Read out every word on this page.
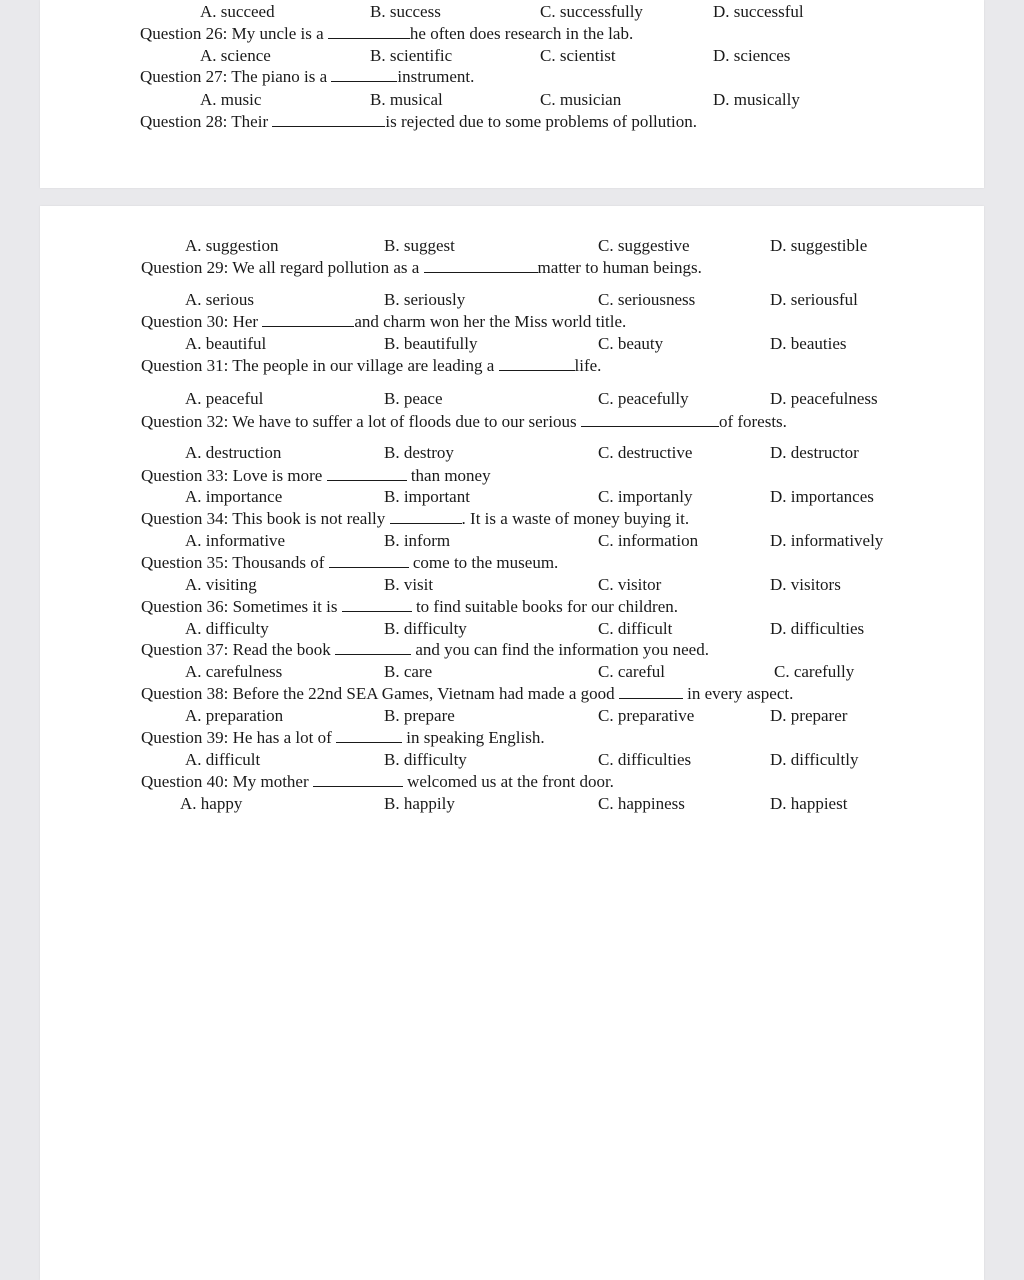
A. succeed	B. success	C. successfully	D. successful
Question 26: My uncle is a	he often does research in the lab.
A. science	B. scientific	C. scientist	D. sciences
Question 27: The piano is a	instrument.
A. music	B. musical	C. musician	D. musically
Question 28: Their	is rejected due to some problems of pollution.
A. suggestion	B. suggest	C. suggestive	D. suggestible
Question 29: We all regard pollution as a	matter to human beings.
A. serious	B. seriously	C. seriousness	D. seriousful
Question 30: Her	and charm won her the Miss world title.
A. beautiful	B. beautifully	C. beauty	D. beauties
Question 31: The people in our village are leading a	life.
A. peaceful	B. peace	C. peacefully	D. peacefulness
Question 32: We have to suffer a lot of floods due to our serious	of forests.
A. destruction	B. destroy	C. destructive	D. destructor
Question 33: Love is more	than money
A. importance	B. important	C. importanly	D. importances
Question 34: This book is not really	. It is a waste of money buying it.
A. informative	B. inform	C. information	D. informatively
Question 35: Thousands of	come to the museum.
A. visiting	B. visit	C. visitor	D. visitors
Question 36: Sometimes it is	to find suitable books for our children.
A. difficulty	B. difficulty	C. difficult	D. difficulties
Question 37: Read the book	and you can find the information you need.
A. carefulness	B. care	C. careful	C. carefully
Question 38: Before the 22nd SEA Games, Vietnam had made a good	in every aspect.
A. preparation	B. prepare	C. preparative	D. preparer
Question 39: He has a lot of	in speaking English.
A. difficult	B. difficulty	C. difficulties	D. difficultly
Question 40: My mother	welcomed us at the front door.
A. happy	B. happily	C. happiness	D. happiest
